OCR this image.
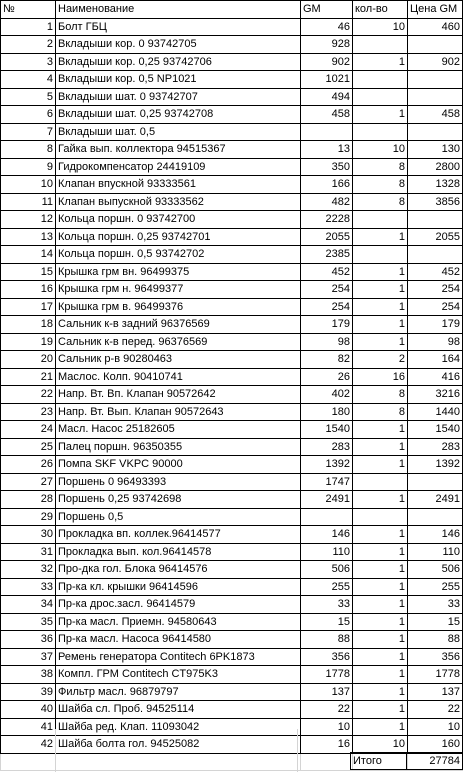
№	Наименование	GM	кол-во	Цена GM
1	Болт ГБЦ	46	10	460
2	Вкладыши кор. 0 93742705	928		
3	Вкладыши кор. 0,25 93742706	902	1	902
4	Вкладыши кор. 0,5 NP1021	1021		
5	Вкладыши шат. 0 93742707	494		
6	Вкладыши шат. 0,25 93742708	458	1	458
7	Вкладыши шат. 0,5			
8	Гайка вып. коллектора 94515367	13	10	130
9	Гидрокомпенсатор 24419109	350	8	2800
10	Клапан впускной 93333561	166	8	1328
11	Клапан выпускной 93333562	482	8	3856
12	Кольца поршн. 0 93742700	2228		
13	Кольца поршн. 0,25 93742701	2055	1	2055
14	Кольца поршн. 0,5 93742702	2385		
15	Крышка грм вн. 96499375	452	1	452
16	Крышка грм н. 96499377	254	1	254
17	Крышка грм в. 96499376	254	1	254
18	Сальник к-в задний 96376569	179	1	179
19	Сальник к-в перед. 96376569	98	1	98
20	Сальник р-в 90280463	82	2	164
21	Маслос. Колп. 90410741	26	16	416
22	Напр. Вт. Вп. Клапан 90572642	402	8	3216
23	Напр. Вт. Вып. Клапан 90572643	180	8	1440
24	Масл. Насос 25182605	1540	1	1540
25	Палец поршн. 96350355	283	1	283
26	Помпа SKF VKPC 90000	1392	1	1392
27	Поршень 0 96493393	1747		
28	Поршень 0,25 93742698	2491	1	2491
29	Поршень 0,5			
30	Прокладка вп. коллек.96414577	146	1	146
31	Прокладка вып. кол.96414578	110	1	110
32	Про-дка гол. Блока 96414576	506	1	506
33	Пр-ка кл. крышки 96414596	255	1	255
34	Пр-ка дрос.засл. 96414579	33	1	33
35	Пр-ка масл. Приемн. 94580643	15	1	15
36	Пр-ка масл. Насоса 96414580	88	1	88
37	Ремень генератора Contitech 6PK1873	356	1	356
38	Компл. ГРМ Contitech CT975K3	1778	1	1778
39	Фильтр масл. 96879797	137	1	137
40	Шайба сл. Проб. 94525114	22	1	22
41	Шайба ред. Клап. 11093042	10	1	10
42	Шайба болта гол. 94525082	16	10	160

Итого	27784
